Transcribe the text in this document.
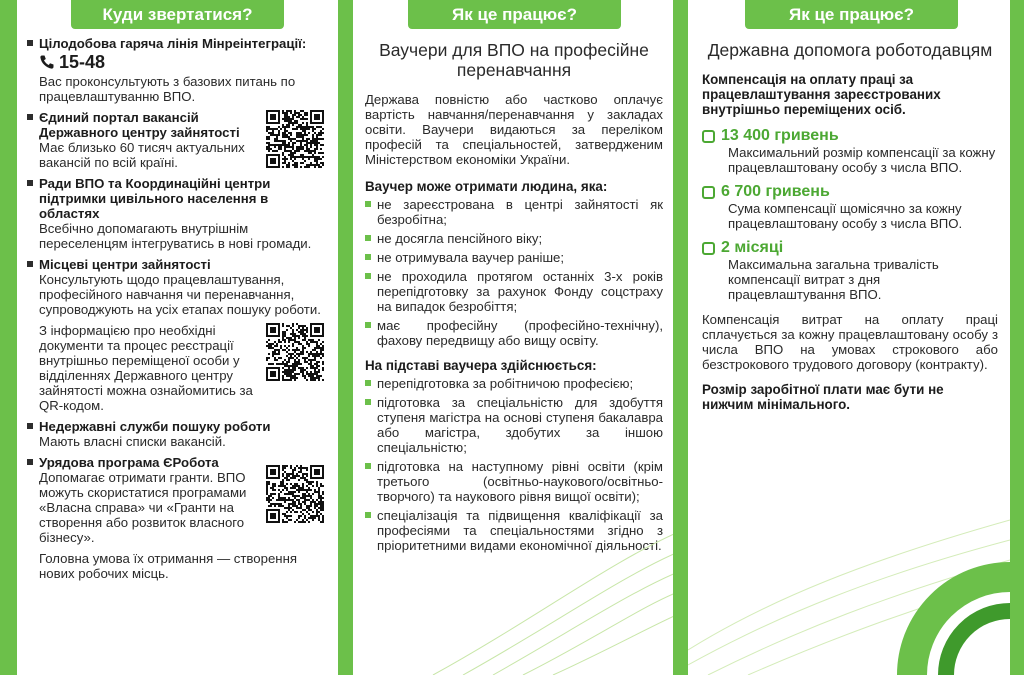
Куди звертатися?
Цілодобова гаряча лінія Мінреінтеграції:
15-48
Вас проконсультують з базових питань по працевлаштуванню ВПО.
Єдиний портал вакансій Державного центру зайнятості
Має близько 60 тисяч актуальних вакансій по всій країні.
Ради ВПО та Координаційні центри підтримки цивільного населення в областях
Всебічно допомагають внутрішнім переселенцям інтегруватись в нові громади.
Місцеві центри зайнятості
Консультують щодо працевлаштування, професійного навчання чи перенавчання, супроводжують на усіх етапах пошуку роботи.
З інформацією про необхідні документи та процес реєстрації внутрішньо переміщеної особи у відділеннях Державного центру зайнятості можна ознайомитись за QR-кодом.
Недержавні служби пошуку роботи
Мають власні списки вакансій.
Урядова програма ЄРобота
Допомагає отримати гранти. ВПО можуть скористатися програмами «Власна справа» чи «Гранти на створення або розвиток власного бізнесу».
Головна умова їх отримання — створення нових робочих місць.
Як це працює?
Ваучери для ВПО на професійне перенавчання
Держава повністю або частково оплачує вартість навчання/перенавчання у закладах освіти. Ваучери видаються за переліком професій та спеціальностей, затвердженим Міністерством економіки України.
Ваучер може отримати людина, яка:
не зареєстрована в центрі зайнятості як безробітна;
не досягла пенсійного віку;
не отримувала ваучер раніше;
не проходила протягом останніх 3-х років перепідготовку за рахунок Фонду соцстраху на випадок безробіття;
має професійну (професійно-технічну), фахову передвищу або вищу освіту.
На підставі ваучера здійснюється:
перепідготовка за робітничою професією;
підготовка за спеціальністю для здобуття ступеня магістра на основі ступеня бакалавра або магістра, здобутих за іншою спеціальністю;
підготовка на наступному рівні освіти (крім третього (освітньо-наукового/освітньо-творчого) та наукового рівня вищої освіти);
спеціалізація та підвищення кваліфікації за професіями та спеціальностями згідно з пріоритетними видами економічної діяльності.
Як це працює?
Державна допомога роботодавцям
Компенсація на оплату праці за працевлаштування зареєстрованих внутрішньо переміщених осіб.
13 400 гривень
Максимальний розмір компенсації за кожну працевлаштовану особу з числа ВПО.
6 700 гривень
Сума компенсації щомісячно за кожну працевлаштовану особу з числа ВПО.
2 місяці
Максимальна загальна тривалість компенсації витрат з дня працевлаштування ВПО.
Компенсація витрат на оплату праці сплачується за кожну працевлаштовану особу з числа ВПО на умовах строкового або безстрокового трудового договору (контракту).
Розмір заробітної плати має бути не нижчим мінімального.
